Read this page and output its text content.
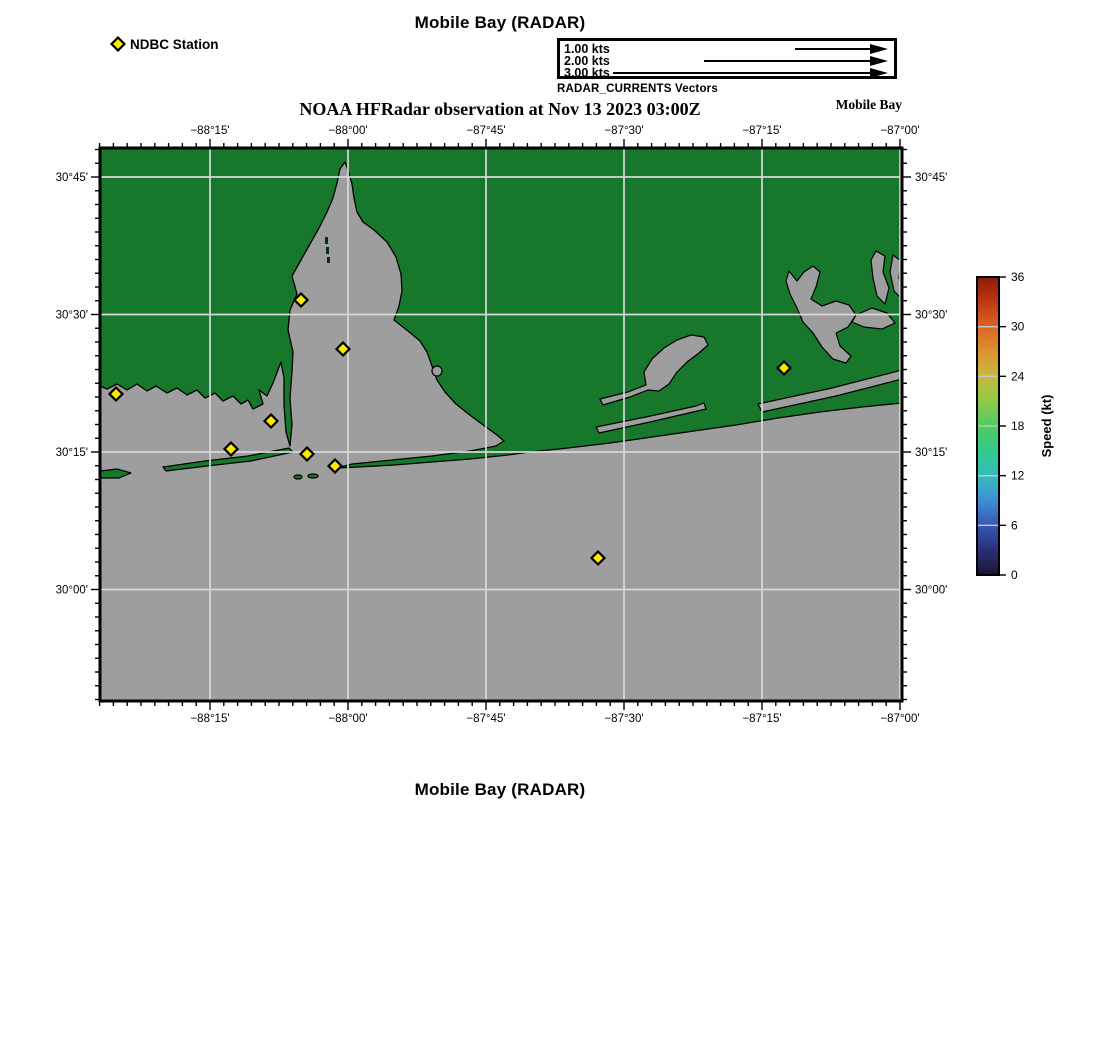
Mobile Bay (RADAR)
NDBC Station	1.00 kts
2.00 kts
3.00 kts
RADAR_CURRENTS Vectors
NOAA HFRadar observation at Nov 13 2023 03:00Z	Mobile Bay
−88°15'
−88°15'
−88°00'
−88°00'
−87°45'
−87°45'
−87°30'
−87°30'
−87°15'
−87°15'
−87°00'
−87°00'
30°45'	30°45'
30°30'	30°30'
30°15'	30°15'
30°00'	30°00'
0
6
12
18
24
30
36
Speed (kt)
Mobile Bay (RADAR)
